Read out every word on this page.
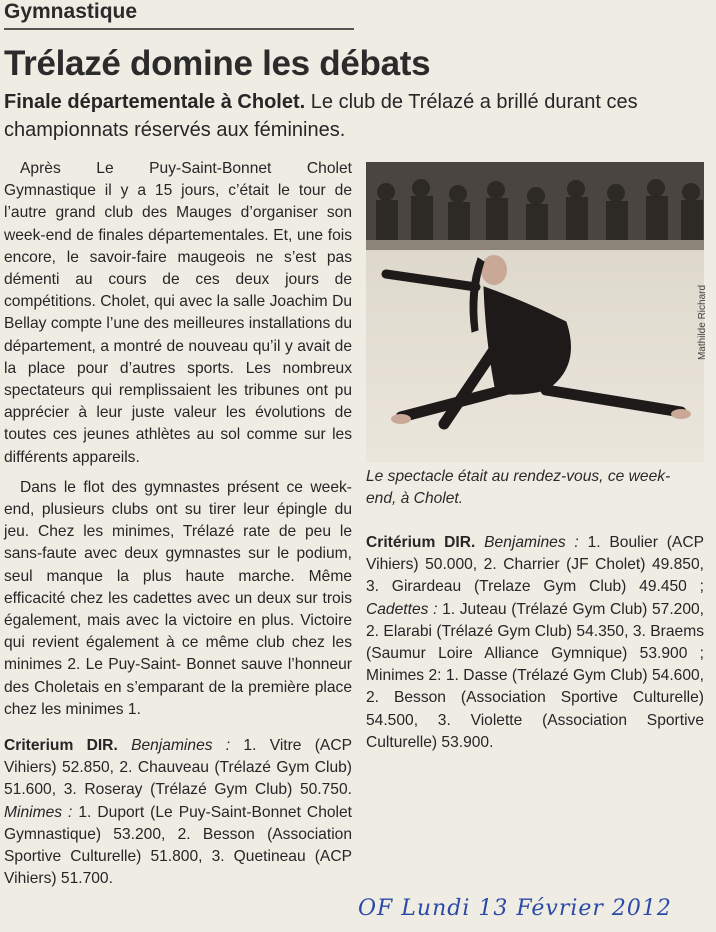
Gymnastique
Trélazé domine les débats
Finale départementale à Cholet. Le club de Trélazé a brillé durant ces championnats réservés aux féminines.

Après Le Puy-Saint-Bonnet Cholet Gymnastique il y a 15 jours, c’était le tour de l’autre grand club des Mauges d’organiser son week-end de finales départementales. Et, une fois encore, le savoir-faire maugeois ne s’est pas démenti au cours de ces deux jours de compétitions. Cholet, qui avec la salle Joachim Du Bellay compte l’une des meilleures installations du département, a montré de nouveau qu’il y avait de la place pour d’autres sports. Les nombreux spectateurs qui remplissaient les tribunes ont pu apprécier à leur juste valeur les évolutions de toutes ces jeunes athlètes au sol comme sur les différents appareils.

Dans le flot des gymnastes présent ce week-end, plusieurs clubs ont su tirer leur épingle du jeu. Chez les minimes, Trélazé rate de peu le sans-faute avec deux gymnastes sur le podium, seul manque la plus haute marche. Même efficacité chez les cadettes avec un deux sur trois également, mais avec la victoire en plus. Victoire qui revient également à ce même club chez les minimes 2. Le Puy-Saint- Bonnet sauve l’honneur des Choletais en s’emparant de la première place chez les minimes 1.

Criterium DIR. Benjamines : 1. Vitre (ACP Vihiers) 52.850, 2. Chauveau (Trélazé Gym Club) 51.600, 3. Roseray (Trélazé Gym Club) 50.750. Minimes : 1. Duport (Le Puy-Saint-Bonnet Cholet Gymnastique) 53.200, 2. Besson (Association Sportive Culturelle) 51.800, 3. Quetineau (ACP Vihiers) 51.700.

Mathilde Richard
Le spectacle était au rendez-vous, ce week-end, à Cholet.

Critérium DIR. Benjamines : 1. Boulier (ACP Vihiers) 50.000, 2. Charrier (JF Cholet) 49.850, 3. Girardeau (Trelaze Gym Club) 49.450 ; Cadettes : 1. Juteau (Trélazé Gym Club) 57.200, 2. Elarabi (Trélazé Gym Club) 54.350, 3. Braems (Saumur Loire Alliance Gymnique) 53.900 ; Minimes 2: 1. Dasse (Trélazé Gym Club) 54.600, 2. Besson (Association Sportive Culturelle) 54.500, 3. Violette (Association Sportive Culturelle) 53.900.

OF Lundi 13 Février 2012
